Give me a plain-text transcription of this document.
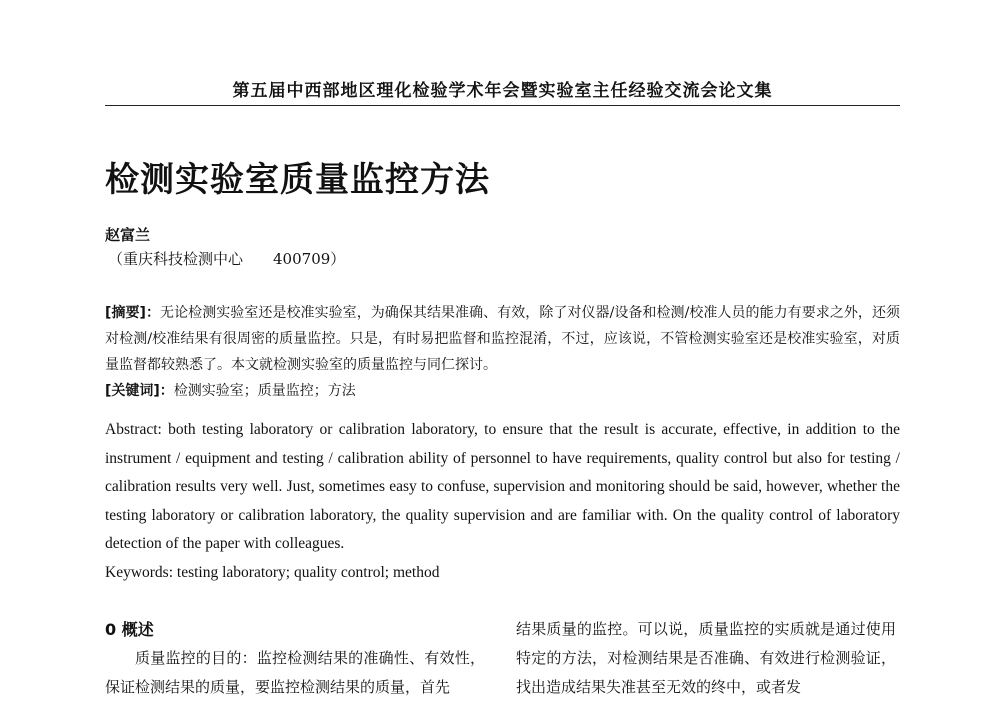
第五届中西部地区理化检验学术年会暨实验室主任经验交流会论文集
检测实验室质量监控方法
赵富兰
（重庆科技检测中心 400709）

[摘要]：无论检测实验室还是校准实验室，为确保其结果准确、有效，除了对仪器/设备和检测/校准人员的能力有要求之外，还须对检测/校准结果有很周密的质量监控。只是，有时易把监督和监控混淆，不过，应该说，不管检测实验室还是校准实验室，对质量监督都较熟悉了。本文就检测实验室的质量监控与同仁探讨。

[关键词]：检测实验室；质量监控；方法

Abstract: both testing laboratory or calibration laboratory, to ensure that the result is accurate, effective, in addition to the instrument / equipment and testing / calibration ability of personnel to have requirements, quality control but also for testing / calibration results very well. Just, sometimes easy to confuse, supervision and monitoring should be said, however, whether the testing laboratory or calibration laboratory, the quality supervision and are familiar with. On the quality control of laboratory detection of the paper with colleagues.

Keywords: testing laboratory; quality control; method

0 概述

质量监控的目的：监控检测结果的准确性、有效性，保证检测结果的质量，要监控检测结果的质量，首先

结果质量的监控。可以说，质量监控的实质就是通过使用特定的方法，对检测结果是否准确、有效进行检测验证，找出造成结果失准甚至无效的终中，或者发
